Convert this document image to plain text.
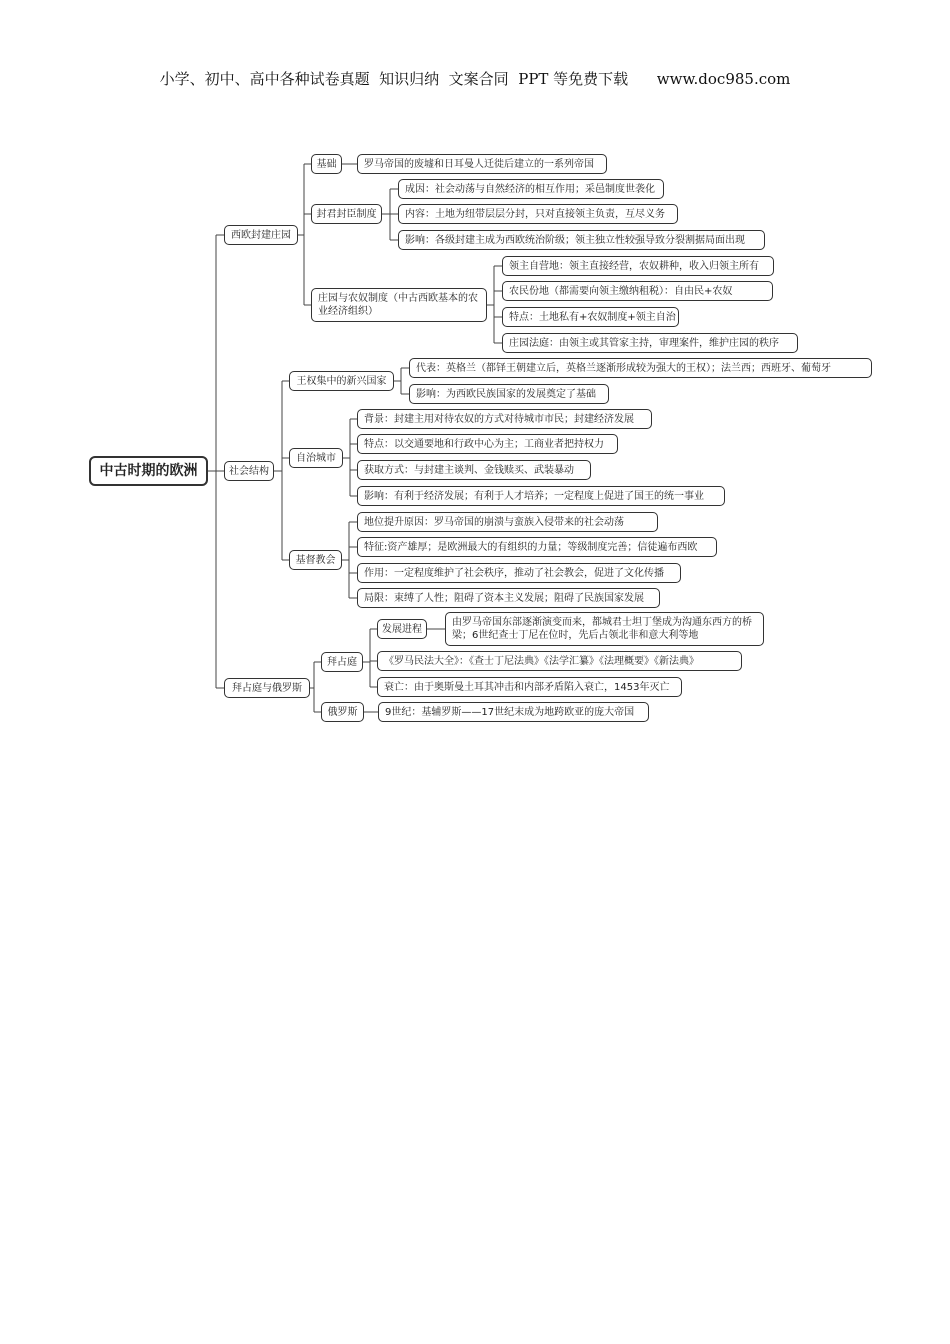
小学、初中、高中各种试卷真题  知识归纳  文案合同  PPT 等免费下载      www.doc985.com
中古时期的欧洲
西欧封建庄园
社会结构
拜占庭与俄罗斯
基础	罗马帝国的废墟和日耳曼人迁徙后建立的一系列帝国
封君封臣制度
成因：社会动荡与自然经济的相互作用；采邑制度世袭化
内容：土地为纽带层层分封，只对直接领主负责，互尽义务
影响：各级封建主成为西欧统治阶级；领主独立性较强导致分裂割据局面出现
庄园与农奴制度（中古西欧基本的农业经济组织）
领主自营地：领主直接经营，农奴耕种，收入归领主所有
农民份地（都需要向领主缴纳租税）：自由民+农奴
特点：土地私有+农奴制度+领主自治
庄园法庭：由领主或其管家主持，审理案件，维护庄园的秩序
王权集中的新兴国家
代表：英格兰（都铎王朝建立后，英格兰逐渐形成较为强大的王权）；法兰西；西班牙、葡萄牙
影响：为西欧民族国家的发展奠定了基础
自治城市
背景：封建主用对待农奴的方式对待城市市民；封建经济发展
特点：以交通要地和行政中心为主；工商业者把持权力
获取方式：与封建主谈判、金钱赎买、武装暴动
影响：有利于经济发展；有利于人才培养；一定程度上促进了国王的统一事业
基督教会
地位提升原因：罗马帝国的崩溃与蛮族入侵带来的社会动荡
特征:资产雄厚；是欧洲最大的有组织的力量；等级制度完善；信徒遍布西欧
作用：一定程度维护了社会秩序，推动了社会教会，促进了文化传播
局限：束缚了人性；阻碍了资本主义发展；阻碍了民族国家发展
拜占庭
发展进程
由罗马帝国东部逐渐演变而来，都城君士坦丁堡成为沟通东西方的桥梁；6世纪查士丁尼在位时，先后占领北非和意大利等地
《罗马民法大全》：《查士丁尼法典》《法学汇纂》《法理概要》《新法典》
衰亡：由于奥斯曼土耳其冲击和内部矛盾陷入衰亡，1453年灭亡
俄罗斯	9世纪：基辅罗斯——17世纪末成为地跨欧亚的庞大帝国
